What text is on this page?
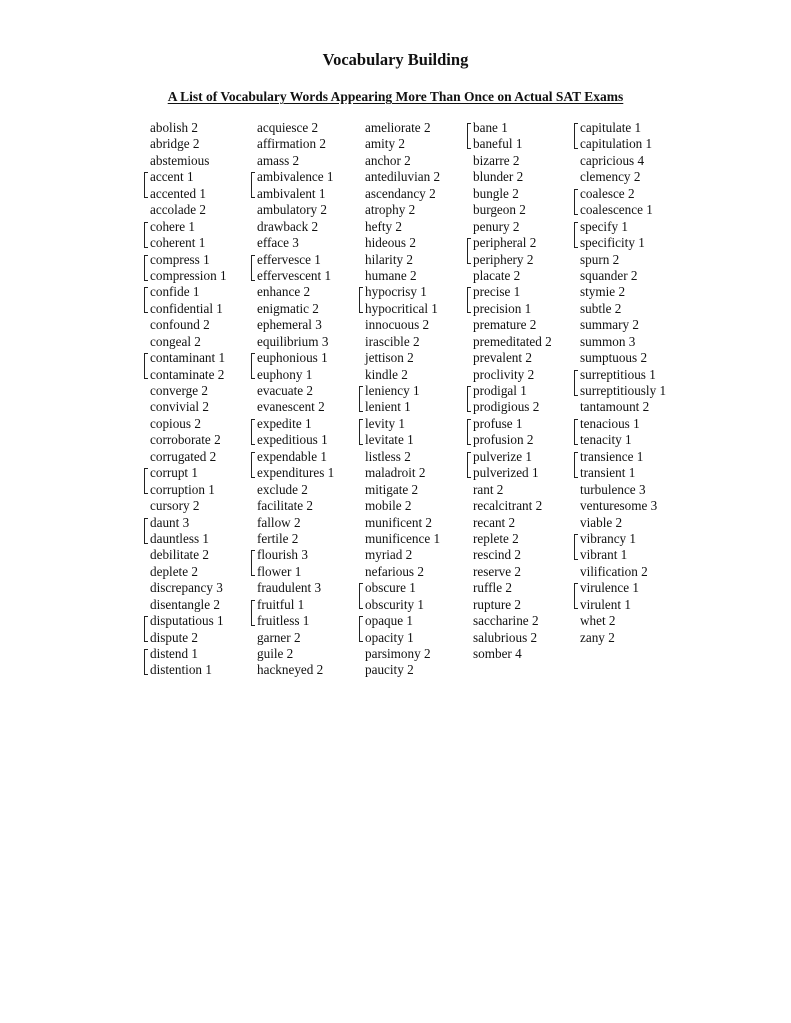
Vocabulary Building
A List of Vocabulary Words Appearing More Than Once on Actual SAT Exams
abolish 2
abridge 2
abstemious
accent 1
accented 1
accolade 2
cohere 1
coherent 1
compress 1
compression 1
confide 1
confidential 1
confound 2
congeal 2
contaminant 1
contaminate 2
converge 2
convivial 2
copious 2
corroborate 2
corrugated 2
corrupt 1
corruption 1
cursory 2
daunt 3
dauntless 1
debilitate 2
deplete 2
discrepancy 3
disentangle 2
disputatious 1
dispute 2
distend 1
distention 1
acquiesce 2
affirmation 2
amass 2
ambivalence 1
ambivalent 1
ambulatory 2
drawback 2
efface 3
effervesce 1
effervescent 1
enhance 2
enigmatic 2
ephemeral 3
equilibrium 3
euphonious 1
euphony 1
evacuate 2
evanescent 2
expedite 1
expeditious 1
expendable 1
expenditures 1
exclude 2
facilitate 2
fallow 2
fertile 2
flourish 3
flower 1
fraudulent 3
fruitful 1
fruitless 1
garner 2
guile 2
hackneyed 2
ameliorate 2
amity 2
anchor 2
antediluvian 2
ascendancy 2
atrophy 2
hefty 2
hideous 2
hilarity 2
humane 2
hypocrisy 1
hypocritical 1
innocuous 2
irascible 2
jettison 2
kindle 2
leniency 1
lenient 1
levity 1
levitate 1
listless 2
maladroit 2
mitigate 2
mobile 2
munificent 2
munificence 1
myriad 2
nefarious 2
obscure 1
obscurity 1
opaque 1
opacity 1
parsimony 2
paucity 2
bane 1
baneful 1
bizarre 2
blunder 2
bungle 2
burgeon 2
penury 2
peripheral 2
periphery 2
placate 2
precise 1
precision 1
premature 2
premeditated 2
prevalent 2
proclivity 2
prodigal 1
prodigious 2
profuse 1
profusion 2
pulverize 1
pulverized 1
rant 2
recalcitrant 2
recant 2
replete 2
rescind 2
reserve 2
ruffle 2
rupture 2
saccharine 2
salubrious 2
somber 4
capitulate 1
capitulation 1
capricious 4
clemency 2
coalesce 2
coalescence 1
specify 1
specificity 1
spurn 2
squander 2
stymie 2
subtle 2
summary 2
summon 3
sumptuous 2
surreptitious 1
surreptitiously 1
tantamount 2
tenacious 1
tenacity 1
transience 1
transient 1
turbulence 3
venturesome 3
viable 2
vibrancy 1
vibrant 1
vilification 2
virulence 1
virulent 1
whet 2
zany 2
